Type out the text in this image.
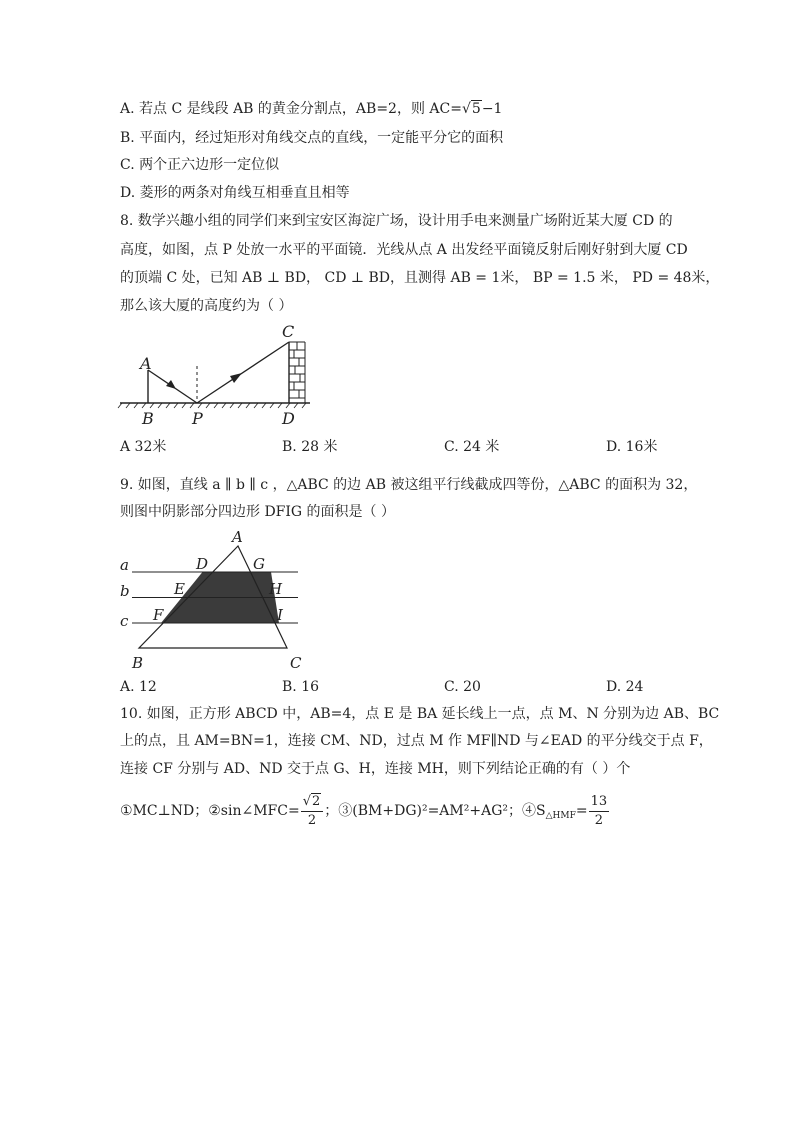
A. 若点 C 是线段 AB 的黄金分割点，AB=2，则 AC=√5−1
B. 平面内，经过矩形对角线交点的直线，一定能平分它的面积
C. 两个正六边形一定位似
D. 菱形的两条对角线互相垂直且相等
8. 数学兴趣小组的同学们来到宝安区海淀广场，设计用手电来测量广场附近某大厦 CD 的
高度，如图，点 P 处放一水平的平面镜．光线从点 A 出发经平面镜反射后刚好射到大厦 CD
的顶端 C 处，已知 AB ⊥ BD， CD ⊥ BD，且测得 AB = 1米， BP = 1.5 米， PD = 48米，
那么该大厦的高度约为（ ）
A
B P
C
D
A 32米	B. 28 米	C. 24 米	D. 16米
9. 如图，直线 a ∥ b ∥ c ，△ABC 的边 AB 被这组平行线截成四等份，△ABC 的面积为 32，
则图中阴影部分四边形 DFIG 的面积是（ ）
a
b
c
A
B	C
D	G
E	H
F	I
A. 12	B. 16	C. 20	D. 24
10. 如图，正方形 ABCD 中，AB=4，点 E 是 BA 延长线上一点，点 M、N 分别为边 AB、BC
上的点，且 AM=BN=1，连接 CM、ND，过点 M 作 MF∥ND 与∠EAD 的平分线交于点 F，
连接 CF 分别与 AD、ND 交于点 G、H，连接 MH，则下列结论正确的有（ ）个
①MC⊥ND；②sin∠MFC= $\frac{√2}{2}$ ；③(BM+DG)²=AM²+AG²；$④S_{\triangle HMF}= \frac{13}{2}$
